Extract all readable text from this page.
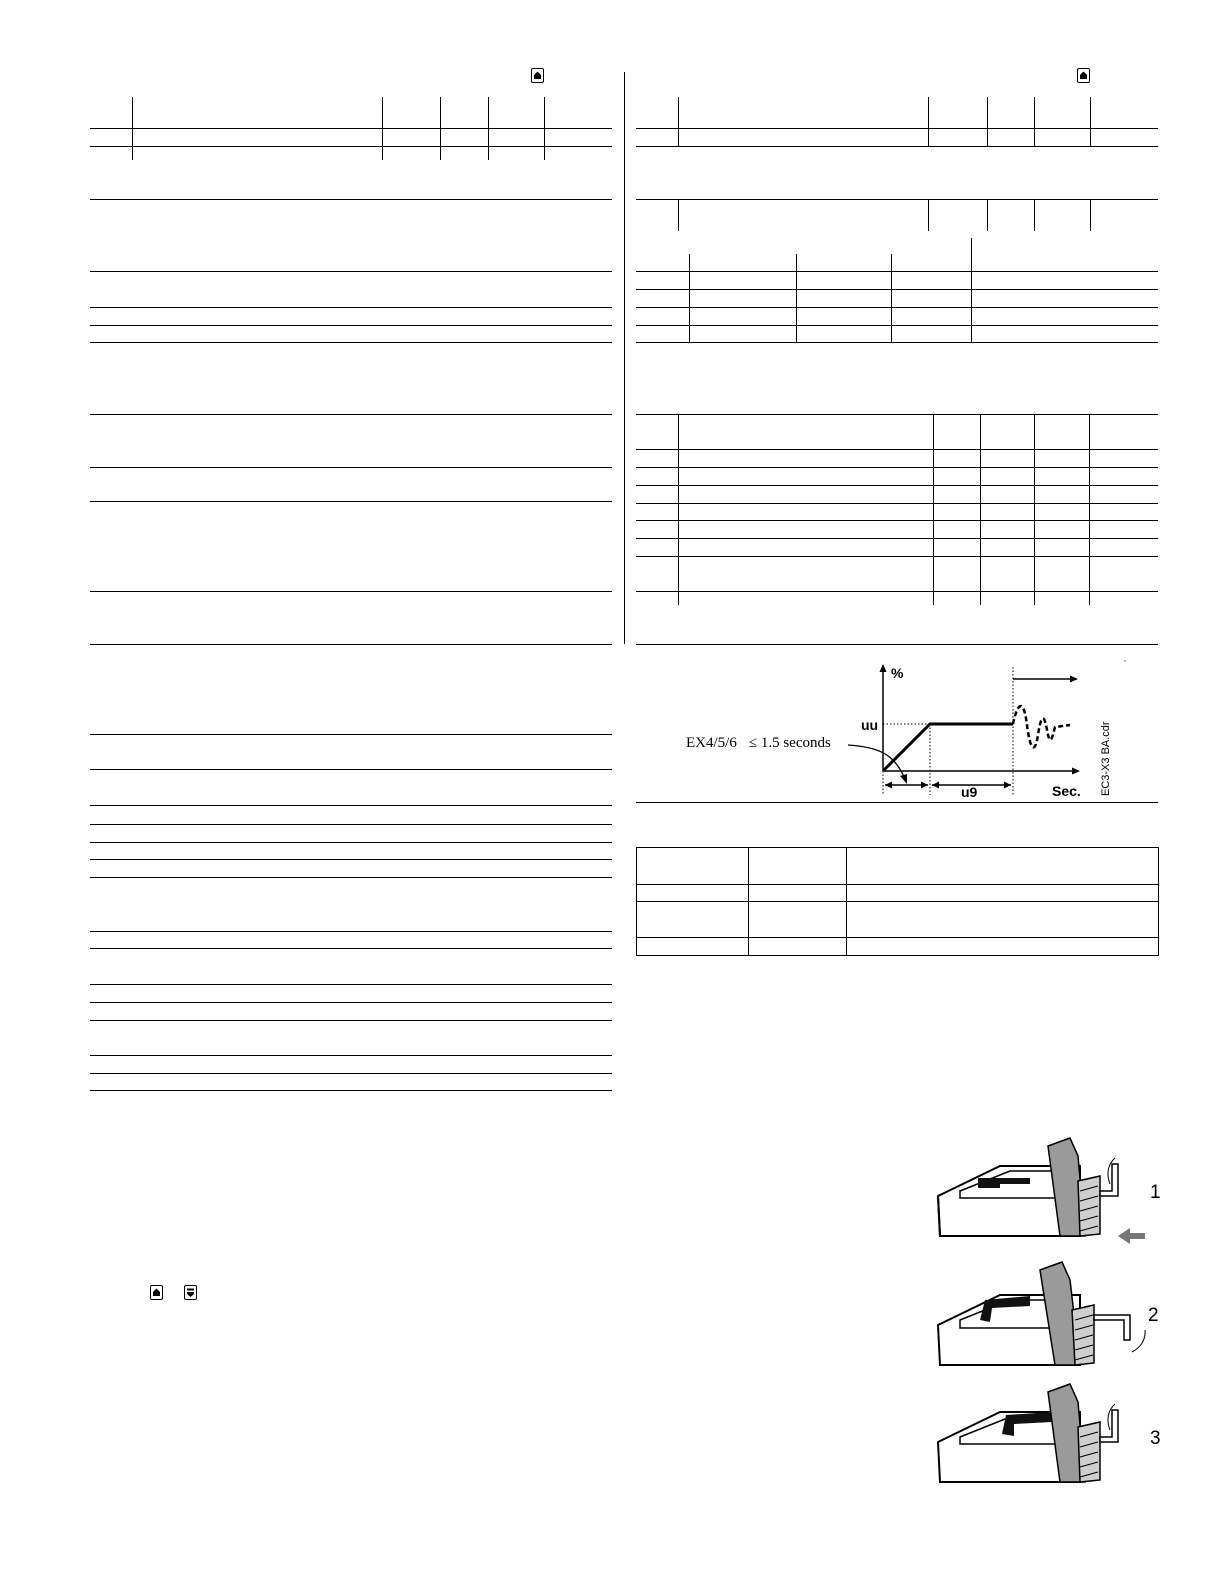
EX4/5/6 ≤ 1.5 seconds
%
uu
u9	Sec. EC3-X3 BA.cdr

1
2
3
